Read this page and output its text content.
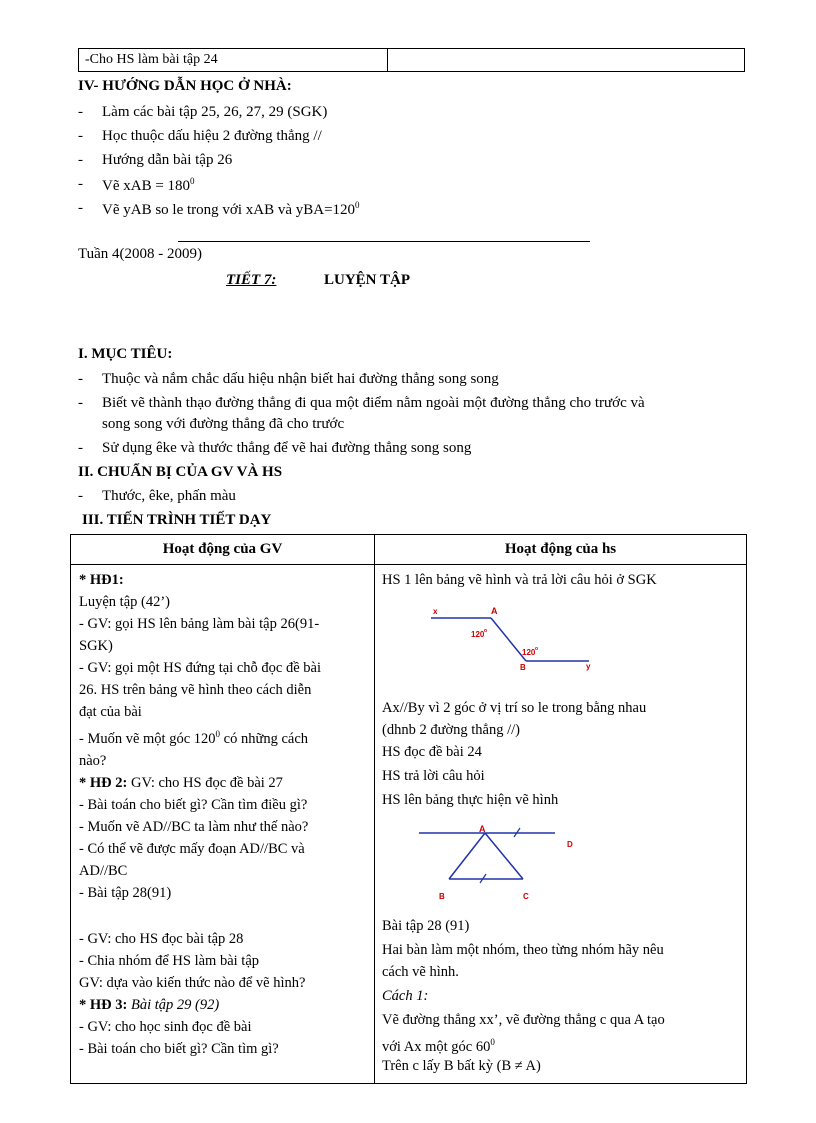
-Cho HS làm bài tập 24	
IV- HƯỚNG DẪN HỌC Ở NHÀ:
- Làm các bài tập 25, 26, 27, 29 (SGK)
- Học thuộc dấu hiệu 2 đường thẳng //
- Hướng dẫn bài tập 26
- Vẽ xAB = $180^0$
- Vẽ yAB so le trong với xAB và $yBA=120^0$
Tuần 4(2008 - 2009)
TIẾT 7:	LUYỆN TẬP
I. MỤC TIÊU:
- Thuộc và nắm chắc dấu hiệu nhận biết hai đường thẳng song song
- Biết vẽ thành thạo đường thẳng đi qua một điểm nằm ngoài một đường thẳng cho trước và
song song với đường thẳng đã cho trước
- Sử dụng êke và thước thẳng để vẽ hai đường thẳng song song
II. CHUẨN BỊ CỦA GV VÀ HS
- Thước, êke, phấn màu
III. TIẾN TRÌNH TIẾT DẠY
Hoạt động của GV	Hoạt động của hs
* HĐ1:
Luyện tập (42’)
- GV: gọi HS lên bảng làm bài tập 26(91-
SGK)
- GV: gọi một HS đứng tại chỗ đọc đề bài
26. HS trên bảng vẽ hình theo cách diễn
đạt của bài
- Muốn vẽ một góc $120^0$ có những cách
nào?
* HĐ 2: GV: cho HS đọc đề bài 27
- Bài toán cho biết gì? Cần tìm điều gì?
- Muốn vẽ AD//BC ta làm như thế nào?
- Có thể vẽ được mấy đoạn AD//BC và
AD//BC
- Bài tập 28(91)
- GV: cho HS đọc bài tập 28
- Chia nhóm để HS làm bài tập
GV: dựa vào kiến thức nào để vẽ hình?
* HĐ 3: Bài tập 29 (92)
- GV: cho học sinh đọc đề bài
- Bài toán cho biết gì? Cần tìm gì?
HS 1 lên bảng vẽ hình và trả lời câu hỏi ở SGK
x	A
B	y
120 o
120 o
Ax//By vì 2 góc ở vị trí so le trong bằng nhau
(dhnb 2 đường thẳng //)
HS đọc đề bài 24
HS trả lời câu hỏi
HS lên bảng thực hiện vẽ hình
A
D
B	C
Bài tập 28 (91)
Hai bàn làm một nhóm, theo từng nhóm hãy nêu
cách vẽ hình.
Cách 1:
Vẽ đường thẳng xx’, vẽ đường thẳng c qua A tạo
với Ax một góc $60^0$
Trên c lấy B bất kỳ (B ≠ A)
